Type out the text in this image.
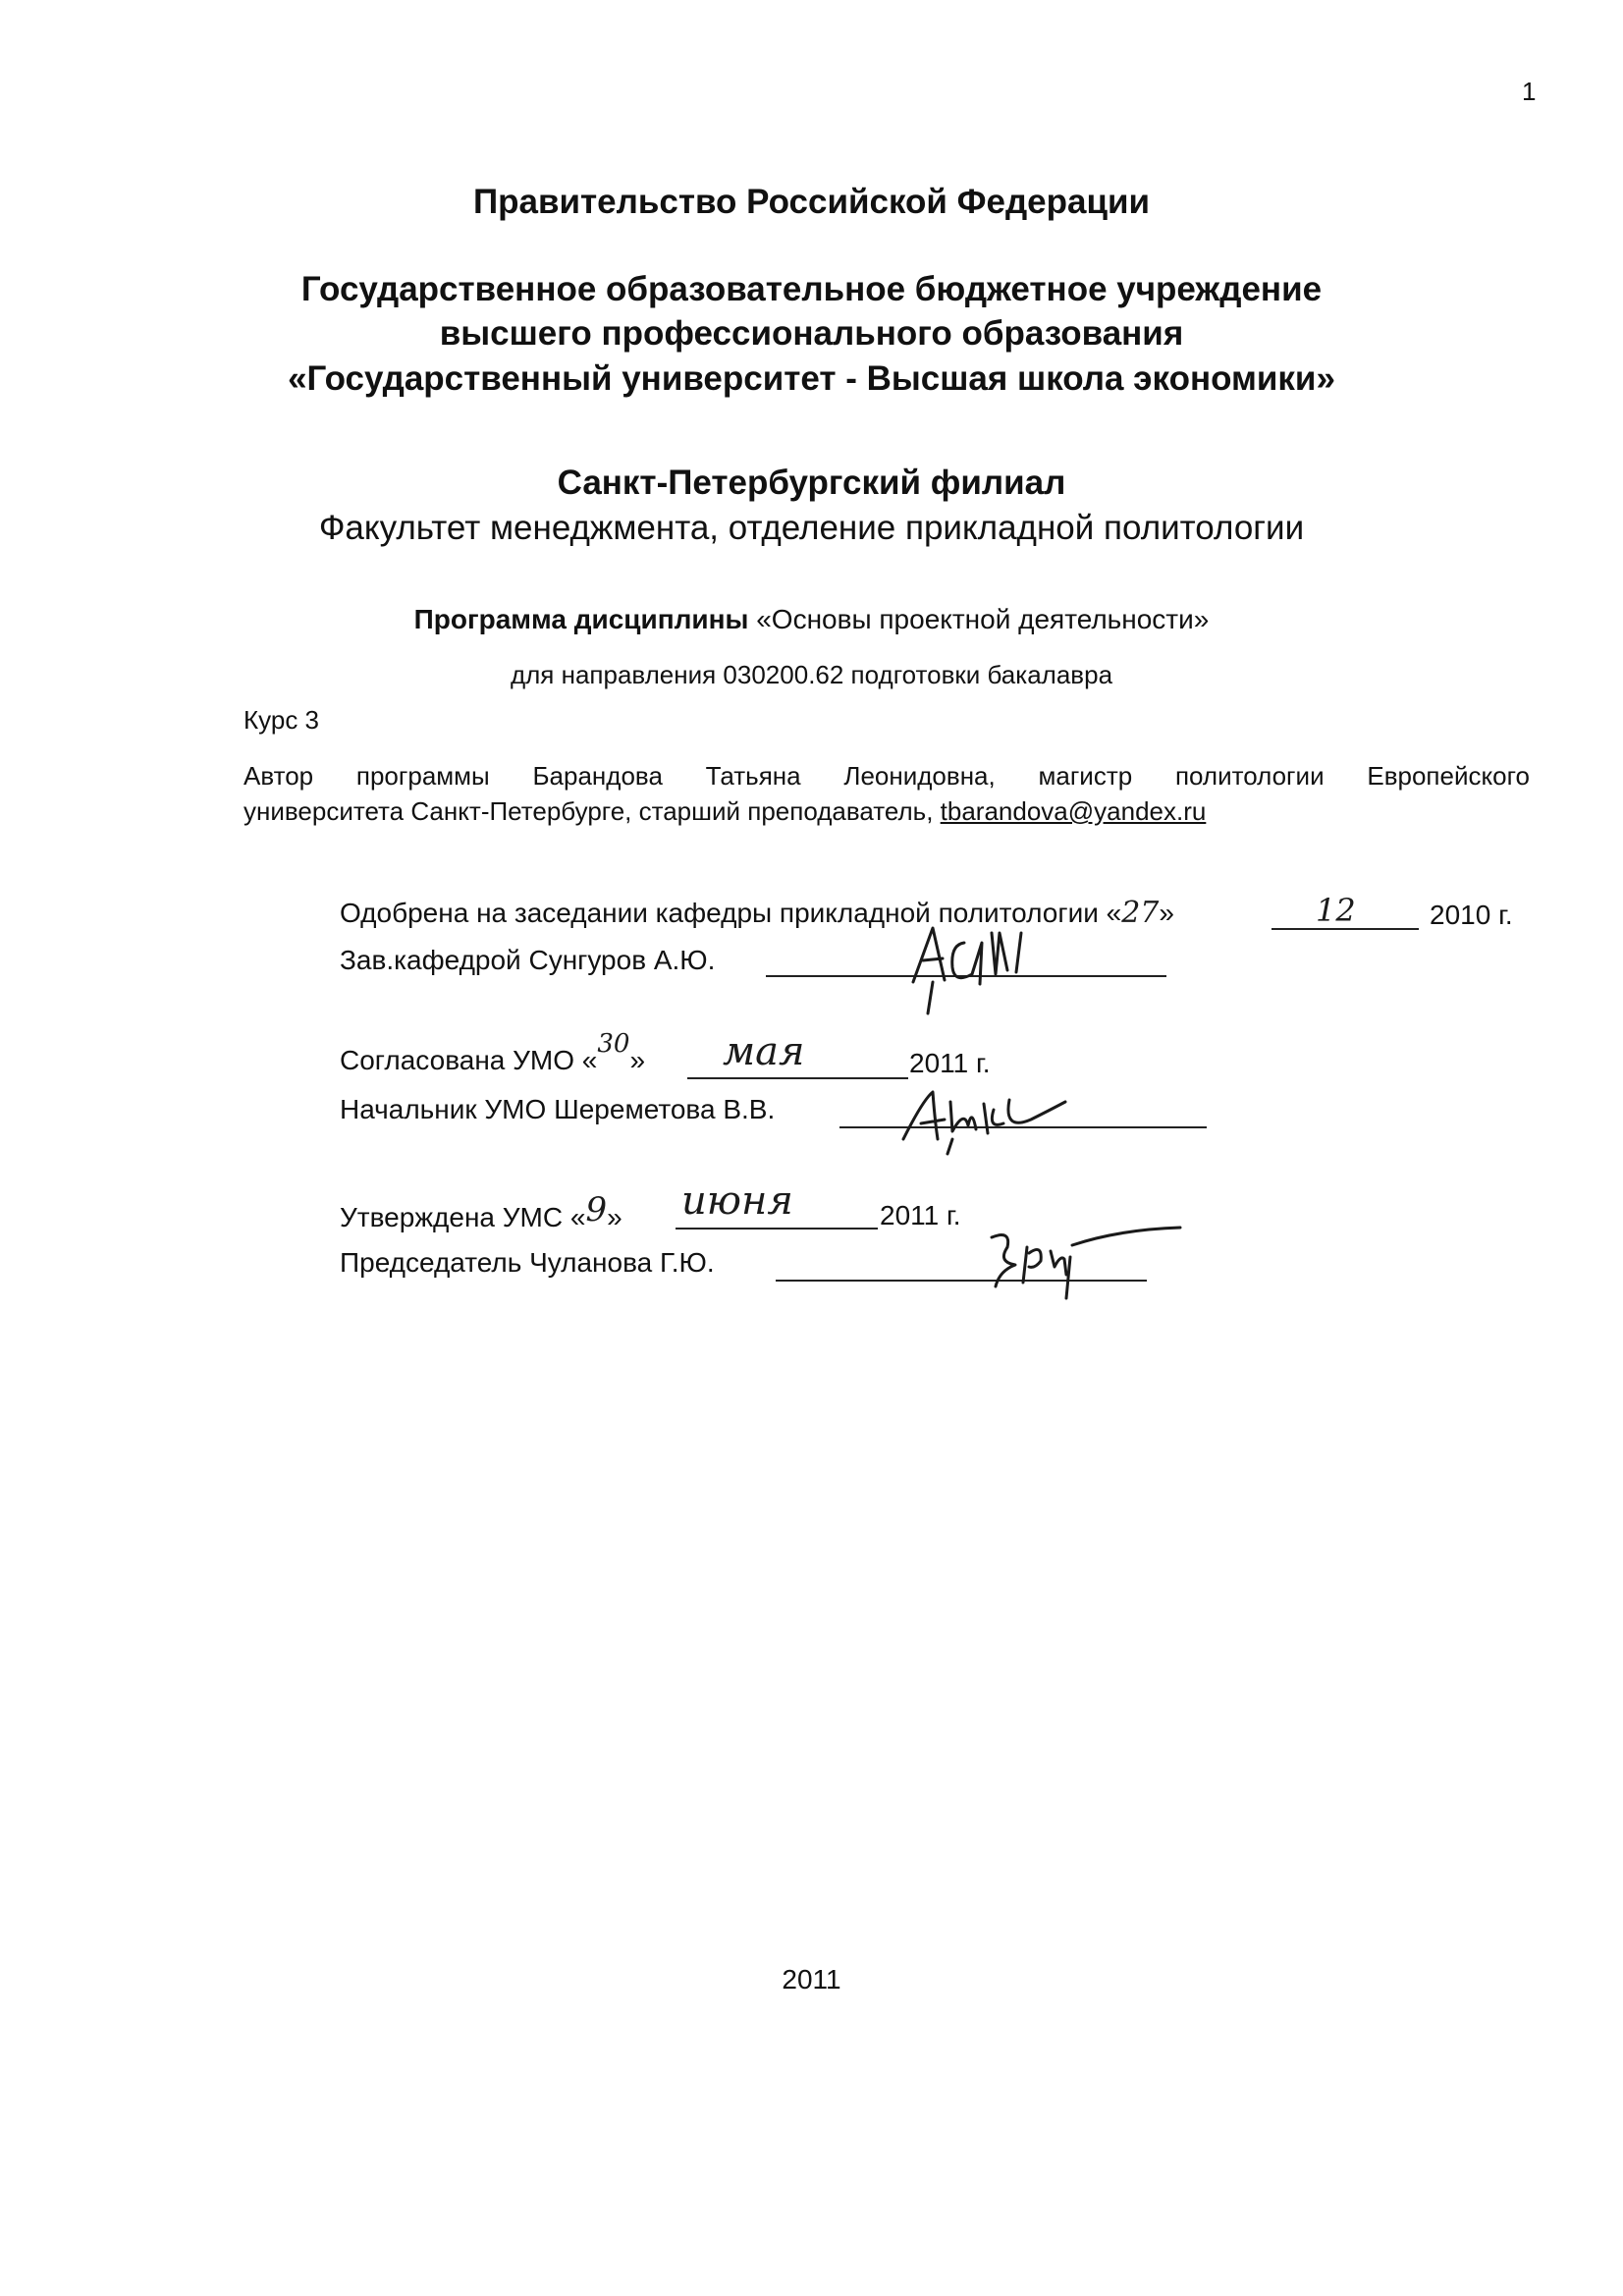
1
Правительство Российской Федерации
Государственное образовательное бюджетное учреждение
высшего профессионального образования
«Государственный университет - Высшая школа экономики»
Санкт-Петербургский филиал
Факультет менеджмента, отделение прикладной политологии
Программа дисциплины «Основы проектной деятельности»
для направления 030200.62 подготовки бакалавра
Курс 3
Автор программы Барандова Татьяна Леонидовна, магистр политологии Европейского
университета Санкт-Петербурге, старший преподаватель, tbarandova@yandex.ru
Одобрена на заседании кафедры прикладной политологии «27»	12	2010 г.
Зав.кафедрой Сунгуров А.Ю.
Согласована УМО «30» мая	2011 г.
Начальник УМО Шереметова В.В.
Утверждена УМС «9» июня	2011 г.
Председатель Чуланова Г.Ю.
2011
